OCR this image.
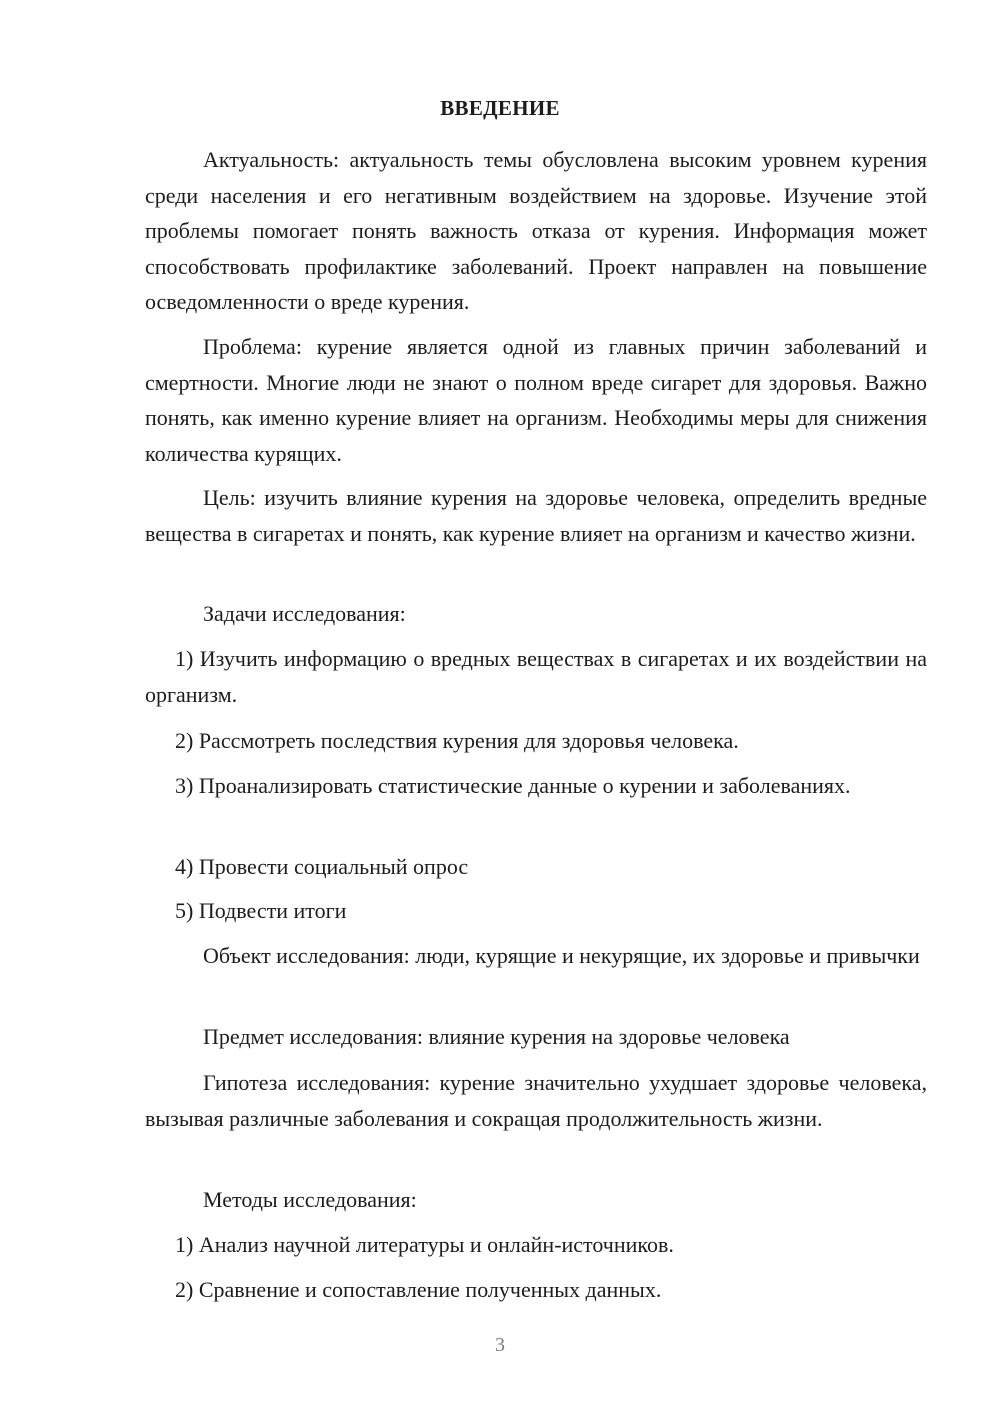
ВВЕДЕНИЕ

Актуальность: актуальность темы обусловлена высоким уровнем курения среди населения и его негативным воздействием на здоровье. Изучение этой проблемы помогает понять важность отказа от курения. Информация может способствовать профилактике заболеваний. Проект направлен на повышение осведомленности о вреде курения.

Проблема: курение является одной из главных причин заболеваний и смертности. Многие люди не знают о полном вреде сигарет для здоровья. Важно понять, как именно курение влияет на организм. Необходимы меры для снижения количества курящих.

Цель: изучить влияние курения на здоровье человека, определить вредные вещества в сигаретах и понять, как курение влияет на организм и качество жизни.

Задачи исследования:

1) Изучить информацию о вредных веществах в сигаретах и их воздействии на организм.

2) Рассмотреть последствия курения для здоровья человека.

3) Проанализировать статистические данные о курении и заболеваниях.

4) Провести социальный опрос

5) Подвести итоги

Объект исследования: люди, курящие и некурящие, их здоровье и привычки

Предмет исследования: влияние курения на здоровье человека

Гипотеза исследования: курение значительно ухудшает здоровье человека, вызывая различные заболевания и сокращая продолжительность жизни.

Методы исследования:

1) Анализ научной литературы и онлайн-источников.

2) Сравнение и сопоставление полученных данных.

3
